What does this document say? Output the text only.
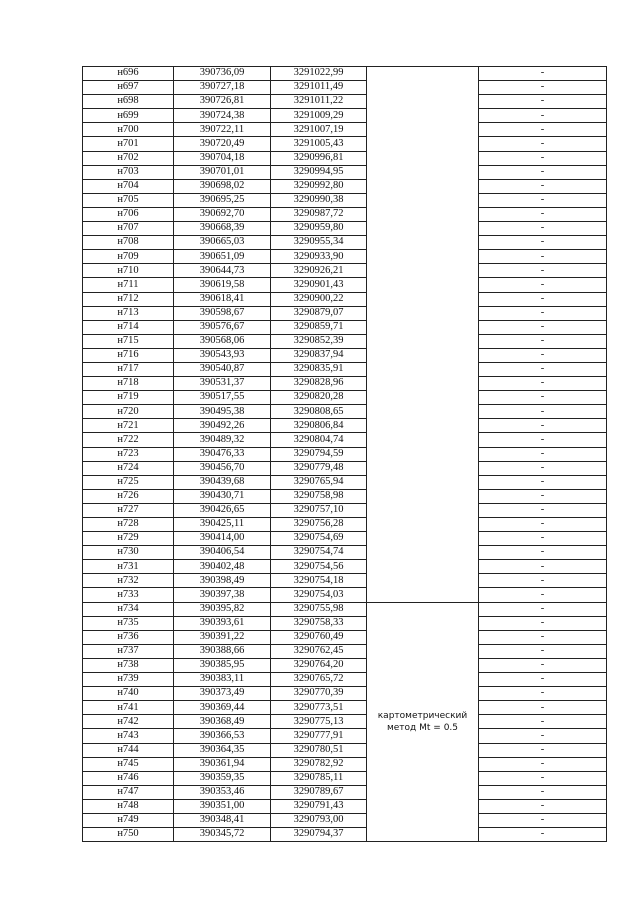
н696	390736,09	3291022,99		-
н697	390727,18	3291011,49		-
н698	390726,81	3291011,22		-
н699	390724,38	3291009,29		-
н700	390722,11	3291007,19		-
н701	390720,49	3291005,43		-
н702	390704,18	3290996,81		-
н703	390701,01	3290994,95		-
н704	390698,02	3290992,80		-
н705	390695,25	3290990,38		-
н706	390692,70	3290987,72		-
н707	390668,39	3290959,80		-
н708	390665,03	3290955,34		-
н709	390651,09	3290933,90		-
н710	390644,73	3290926,21		-
н711	390619,58	3290901,43		-
н712	390618,41	3290900,22		-
н713	390598,67	3290879,07		-
н714	390576,67	3290859,71		-
н715	390568,06	3290852,39		-
н716	390543,93	3290837,94		-
н717	390540,87	3290835,91		-
н718	390531,37	3290828,96		-
н719	390517,55	3290820,28		-
н720	390495,38	3290808,65		-
н721	390492,26	3290806,84		-
н722	390489,32	3290804,74		-
н723	390476,33	3290794,59		-
н724	390456,70	3290779,48		-
н725	390439,68	3290765,94		-
н726	390430,71	3290758,98		-
н727	390426,65	3290757,10		-
н728	390425,11	3290756,28		-
н729	390414,00	3290754,69		-
н730	390406,54	3290754,74		-
н731	390402,48	3290754,56		-
н732	390398,49	3290754,18		-
н733	390397,38	3290754,03		-
н734	390395,82	3290755,98	картометрический метод Mt = 0.5	-
н735	390393,61	3290758,33		-
н736	390391,22	3290760,49		-
н737	390388,66	3290762,45		-
н738	390385,95	3290764,20		-
н739	390383,11	3290765,72		-
н740	390373,49	3290770,39		-
н741	390369,44	3290773,51		-
н742	390368,49	3290775,13		-
н743	390366,53	3290777,91		-
н744	390364,35	3290780,51		-
н745	390361,94	3290782,92		-
н746	390359,35	3290785,11		-
н747	390353,46	3290789,67		-
н748	390351,00	3290791,43		-
н749	390348,41	3290793,00		-
н750	390345,72	3290794,37		-
